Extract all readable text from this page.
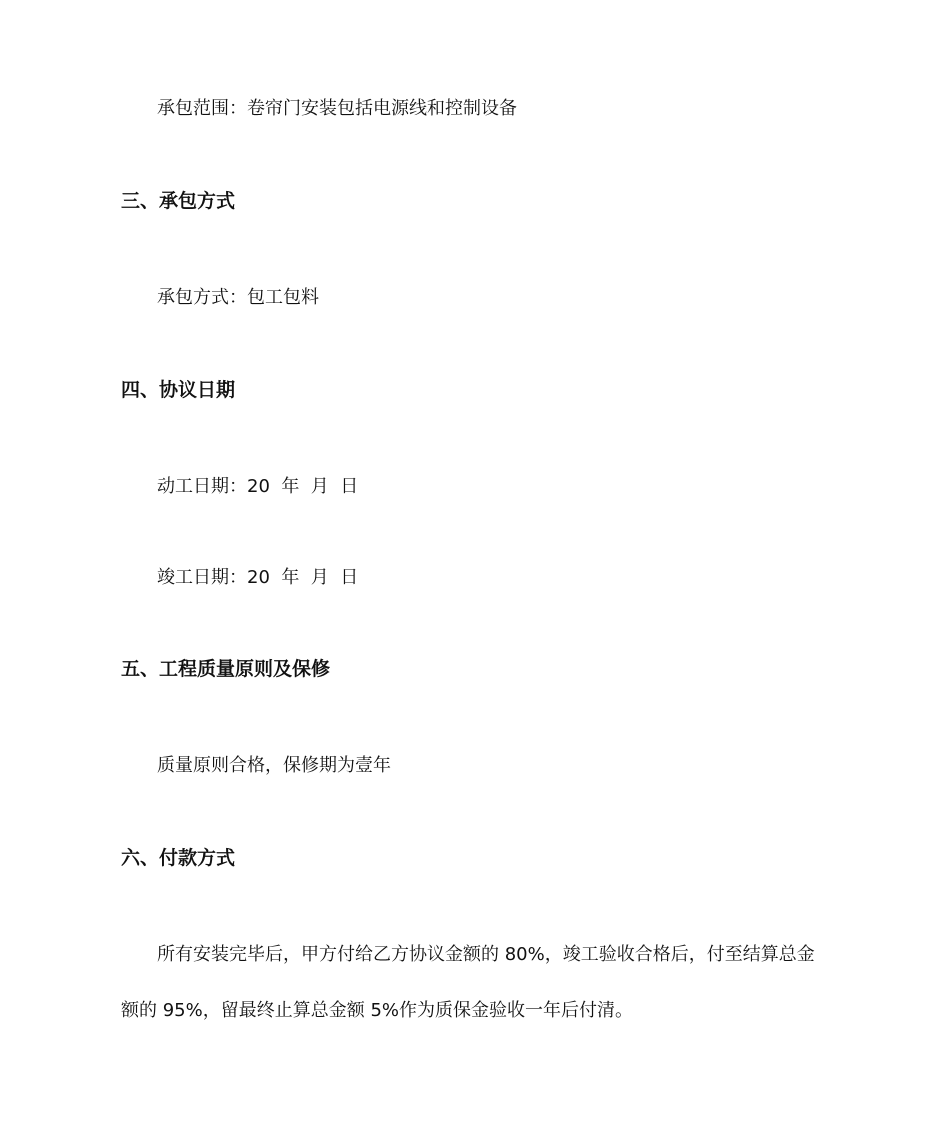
承包范围：卷帘门安装包括电源线和控制设备
三、承包方式
承包方式：包工包料
四、协议日期
动工日期：20  年  月  日
竣工日期：20  年  月  日
五、工程质量原则及保修
质量原则合格，保修期为壹年
六、付款方式
所有安装完毕后，甲方付给乙方协议金额的 80%，竣工验收合格后，付至结算总金
额的 95%，留最终止算总金额 5%作为质保金验收一年后付清。
